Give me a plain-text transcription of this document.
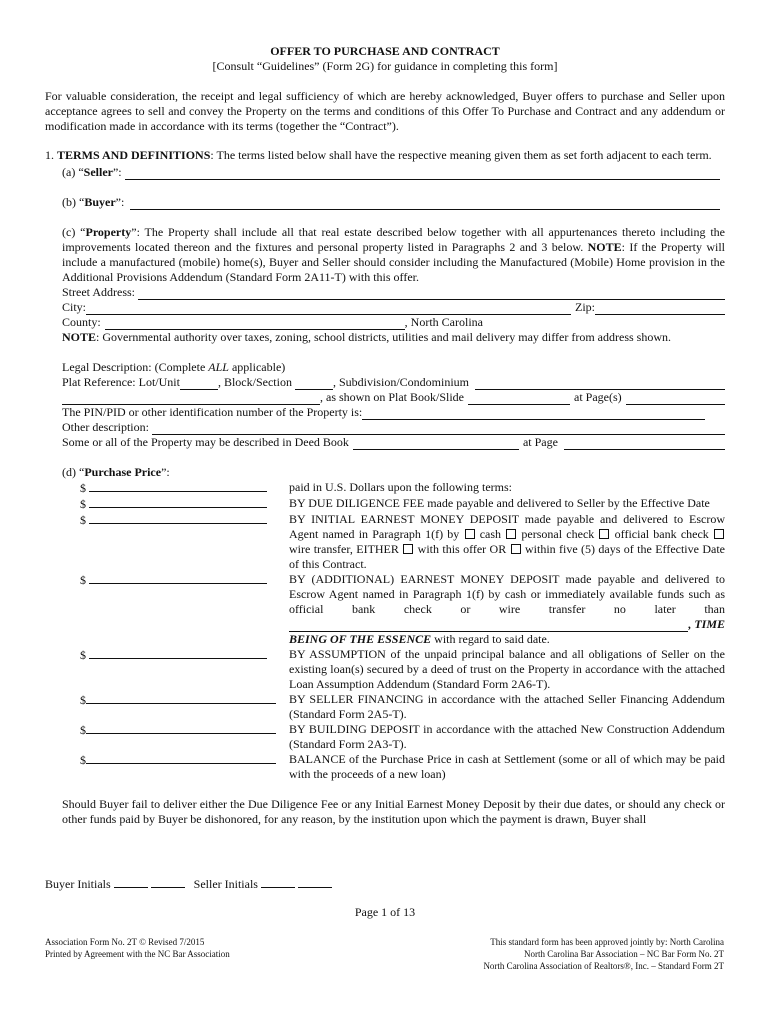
OFFER TO PURCHASE AND CONTRACT

[Consult “Guidelines” (Form 2G) for guidance in completing this form]

For valuable consideration, the receipt and legal sufficiency of which are hereby acknowledged, Buyer offers to purchase and Seller upon acceptance agrees to sell and convey the Property on the terms and conditions of this Offer To Purchase and Contract and any addendum or modification made in accordance with its terms (together the “Contract”).

1. TERMS AND DEFINITIONS: The terms listed below shall have the respective meaning given them as set forth adjacent to each term.

(a) “Seller”:
(b) “Buyer”:

(c) “Property”: The Property shall include all that real estate described below together with all appurtenances thereto including the improvements located thereon and the fixtures and personal property listed in Paragraphs 2 and 3 below. NOTE: If the Property will include a manufactured (mobile) home(s), Buyer and Seller should consider including the Manufactured (Mobile) Home provision in the Additional Provisions Addendum (Standard Form 2A11-T) with this offer.

Street Address:
City:	Zip:
County:	, North Carolina

NOTE: Governmental authority over taxes, zoning, school districts, utilities and mail delivery may differ from address shown.

Legal Description: (Complete ALL applicable)

Plat Reference: Lot/Unit	, Block/Section	, Subdivision/Condominium
, as shown on Plat Book/Slide	at Page(s)
The PIN/PID or other identification number of the Property is:
Other description:
Some or all of the Property may be described in Deed Book	at Page

(d) “Purchase Price”:

$	paid in U.S. Dollars upon the following terms:
$	BY DUE DILIGENCE FEE made payable and delivered to Seller by the Effective Date
$	BY INITIAL EARNEST MONEY DEPOSIT made payable and delivered to Escrow Agent named in Paragraph 1(f) by  cash  personal check  official bank check  wire transfer, EITHER  with this offer OR  within five (5) days of the Effective Date of this Contract.
$	BY (ADDITIONAL) EARNEST MONEY DEPOSIT made payable and delivered to Escrow Agent named in Paragraph 1(f) by cash or immediately available funds such as official bank check or wire transfer no later than
, TIME
BEING OF THE ESSENCE with regard to said date.
$	BY ASSUMPTION of the unpaid principal balance and all obligations of Seller on the existing loan(s) secured by a deed of trust on the Property in accordance with the attached Loan Assumption Addendum (Standard Form 2A6-T).
$	BY SELLER FINANCING in accordance with the attached Seller Financing Addendum (Standard Form 2A5-T).
$	BY BUILDING DEPOSIT in accordance with the attached New Construction Addendum (Standard Form 2A3-T).
$	BALANCE of the Purchase Price in cash at Settlement (some or all of which may be paid with the proceeds of a new loan)

Should Buyer fail to deliver either the Due Diligence Fee or any Initial Earnest Money Deposit by their due dates, or should any check or other funds paid by Buyer be dishonored, for any reason, by the institution upon which the payment is drawn, Buyer shall

Buyer Initials	Seller Initials
Page 1 of 13
Association Form No. 2T © Revised 7/2015
Printed by Agreement with the NC Bar Association
This standard form has been approved jointly by: North Carolina
North Carolina Bar Association – NC Bar Form No. 2T
North Carolina Association of Realtors®, Inc. – Standard Form 2T
